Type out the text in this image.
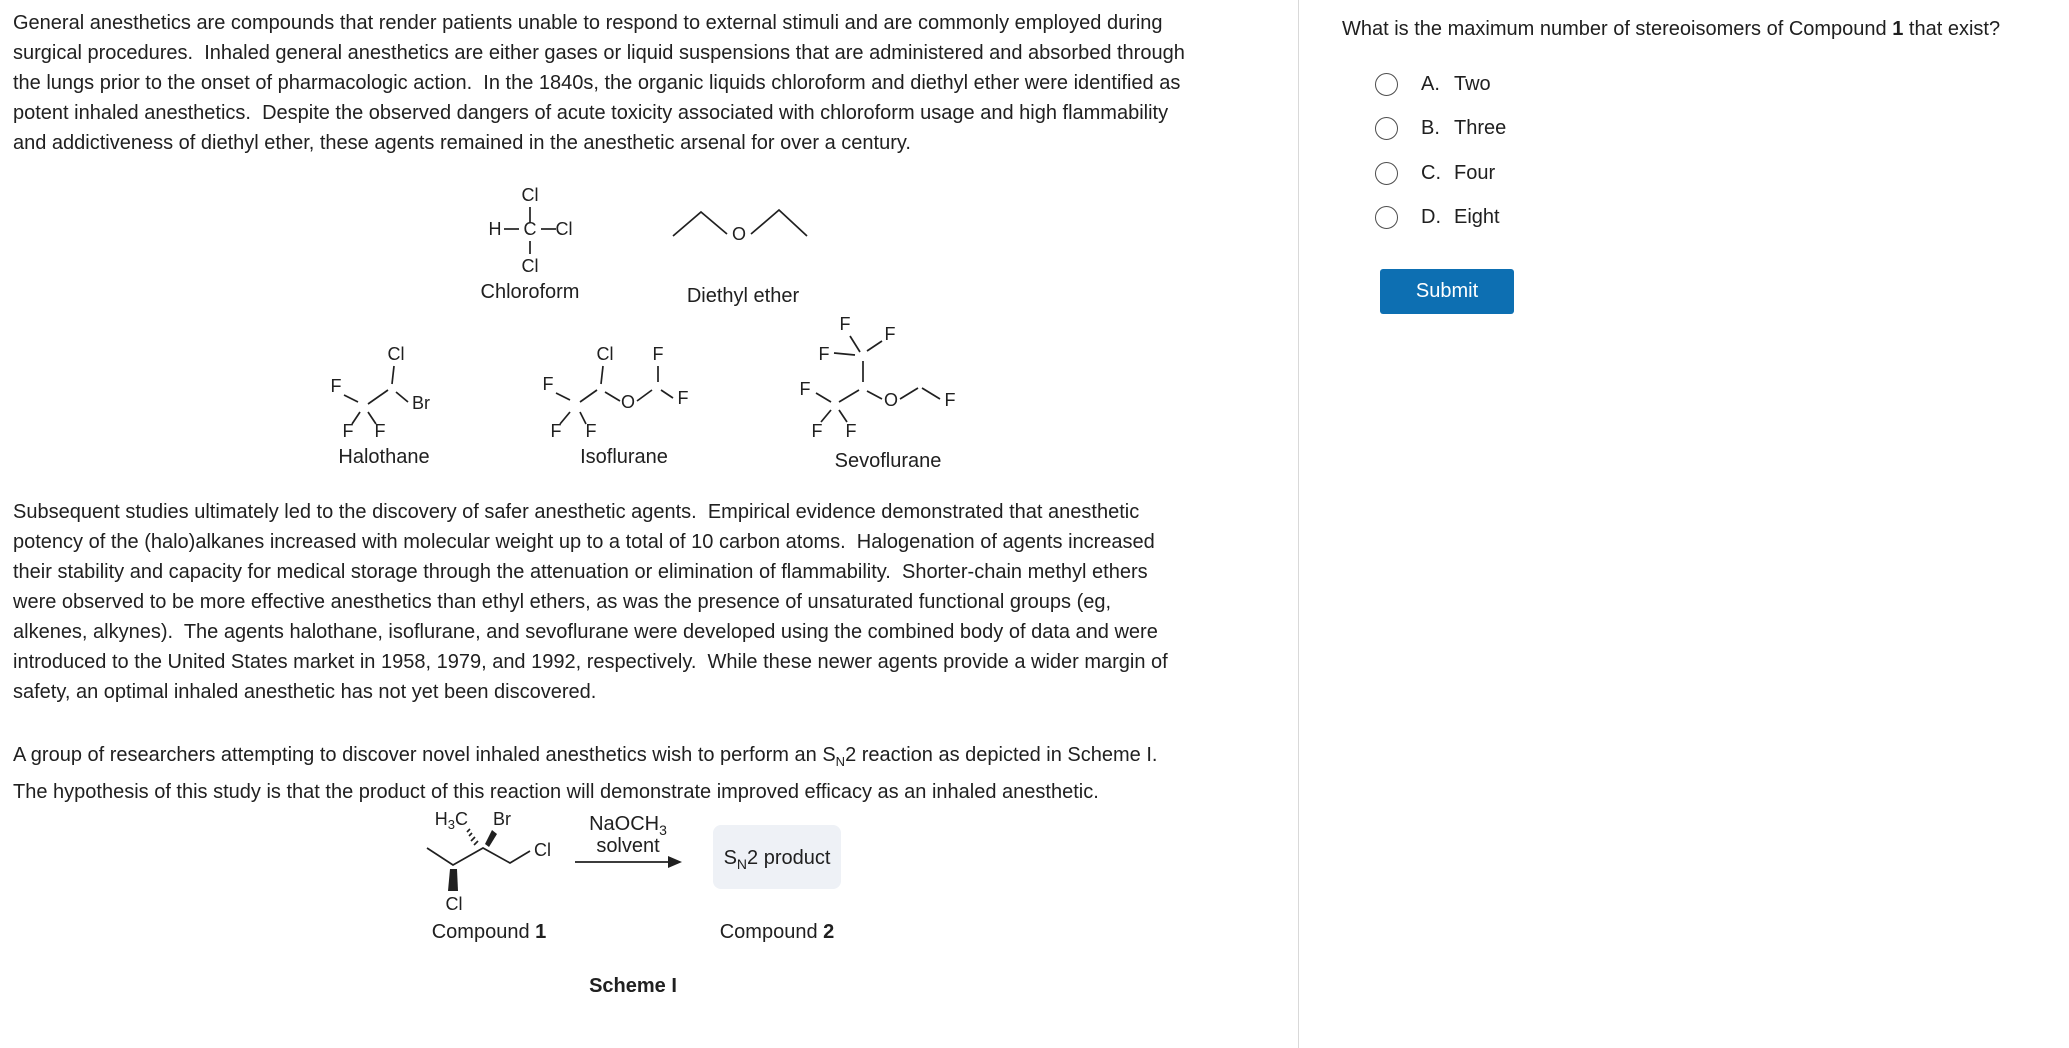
General anesthetics are compounds that render patients unable to respond to external stimuli and are commonly employed during
surgical procedures.  Inhaled general anesthetics are either gases or liquid suspensions that are administered and absorbed through
the lungs prior to the onset of pharmacologic action.  In the 1840s, the organic liquids chloroform and diethyl ether were identified as
potent inhaled anesthetics.  Despite the observed dangers of acute toxicity associated with chloroform usage and high flammability
and addictiveness of diethyl ether, these agents remained in the anesthetic arsenal for over a century.

Cl
H C Cl
Cl
Chloroform
O
Diethyl ether
Cl
Br
F
F F
Halothane
Cl
O
F
F
F
F F
Isoflurane
F F
F
F
F F
O	F
Sevoflurane

Subsequent studies ultimately led to the discovery of safer anesthetic agents.  Empirical evidence demonstrated that anesthetic
potency of the (halo)alkanes increased with molecular weight up to a total of 10 carbon atoms.  Halogenation of agents increased
their stability and capacity for medical storage through the attenuation or elimination of flammability.  Shorter-chain methyl ethers
were observed to be more effective anesthetics than ethyl ethers, as was the presence of unsaturated functional groups (eg,
alkenes, alkynes).  The agents halothane, isoflurane, and sevoflurane were developed using the combined body of data and were
introduced to the United States market in 1958, 1979, and 1992, respectively.  While these newer agents provide a wider margin of
safety, an optimal inhaled anesthetic has not yet been discovered.

A group of researchers attempting to discover novel inhaled anesthetics wish to perform an $S_N2$ reaction as depicted in Scheme I.
The hypothesis of this study is that the product of this reaction will demonstrate improved efficacy as an inhaled anesthetic.

$H_3C$ Br
Cl
Cl
Compound 1
NaOCH$_3$
solvent
$S_N2$ product
Compound 2
Scheme I
What is the maximum number of stereoisomers of Compound 1 that exist?
A. Two
B. Three
C. Four
D. Eight
Submit
